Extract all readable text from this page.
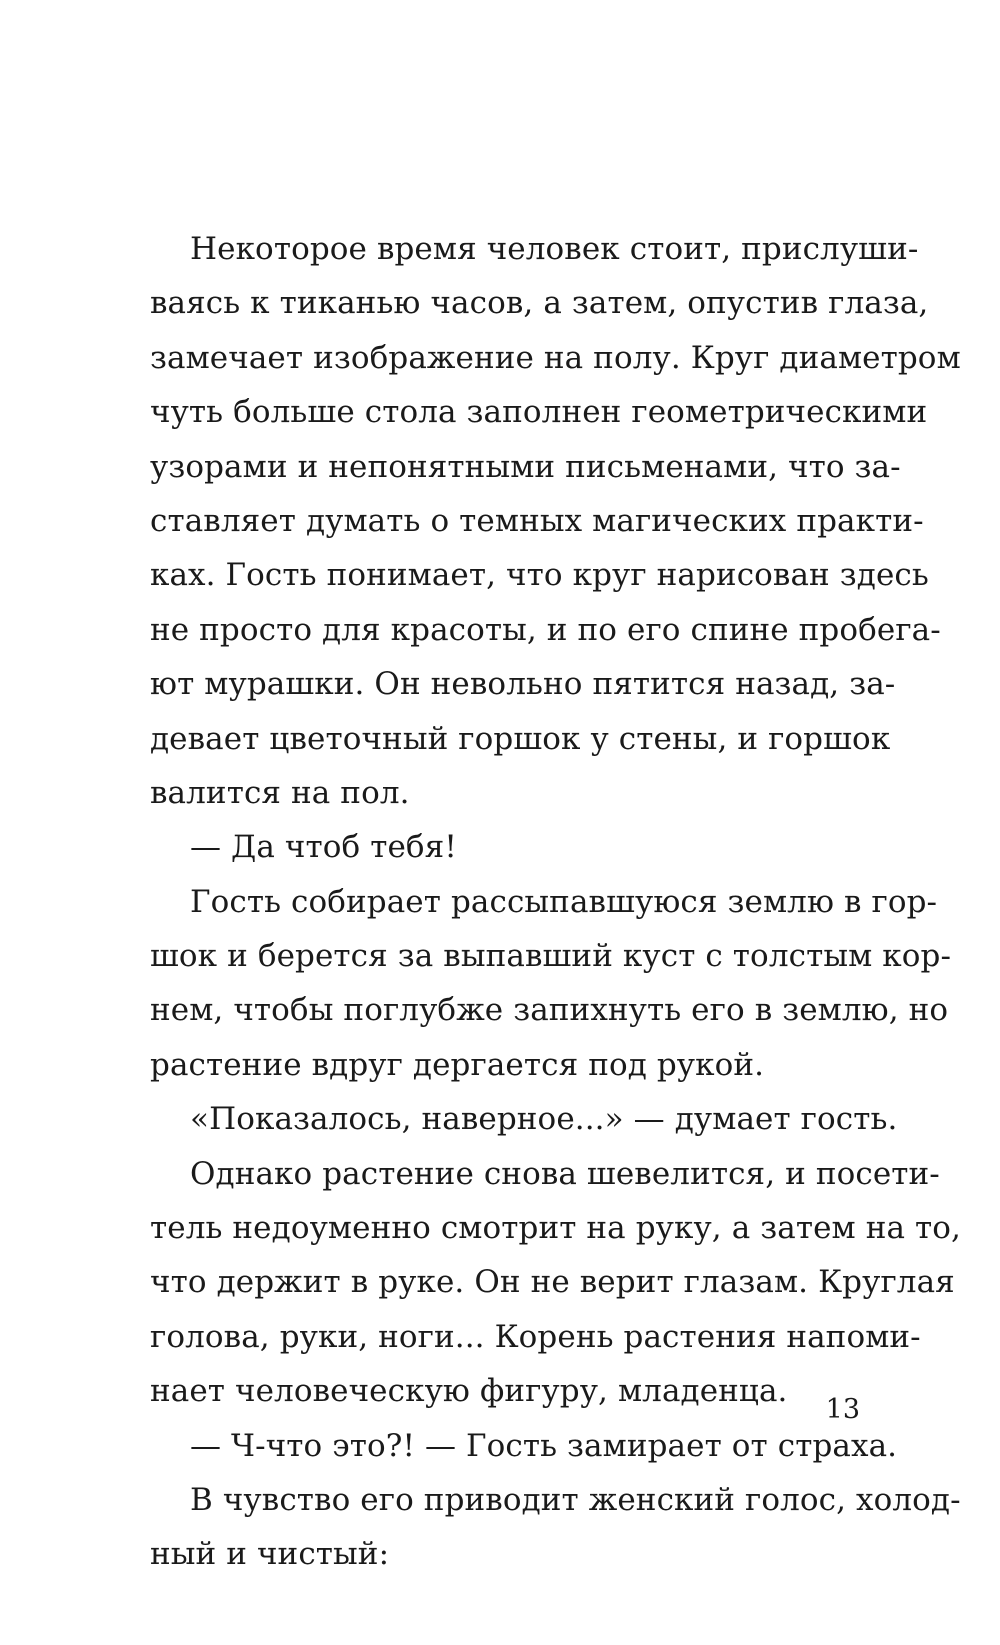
Некоторое время человек стоит, прислуши-
ваясь к тиканью часов, а затем, опустив глаза,
замечает изображение на полу. Круг диаметром
чуть больше стола заполнен геометрическими
узорами и непонятными письменами, что за-
ставляет думать о темных магических практи-
ках. Гость понимает, что круг нарисован здесь
не просто для красоты, и по его спине пробега-
ют мурашки. Он невольно пятится назад, за-
девает цветочный горшок у стены, и горшок
валится на пол.
— Да чтоб тебя!
Гость собирает рассыпавшуюся землю в гор-
шок и берется за выпавший куст с толстым кор-
нем, чтобы поглубже запихнуть его в землю, но
растение вдруг дергается под рукой.
«Показалось, наверное...» — думает гость.
Однако растение снова шевелится, и посети-
тель недоуменно смотрит на руку, а затем на то,
что держит в руке. Он не верит глазам. Круглая
голова, руки, ноги... Корень растения напоми-
нает человеческую фигуру, младенца.
— Ч-что это?! — Гость замирает от страха.
В чувство его приводит женский голос, холод-
ный и чистый:
13
